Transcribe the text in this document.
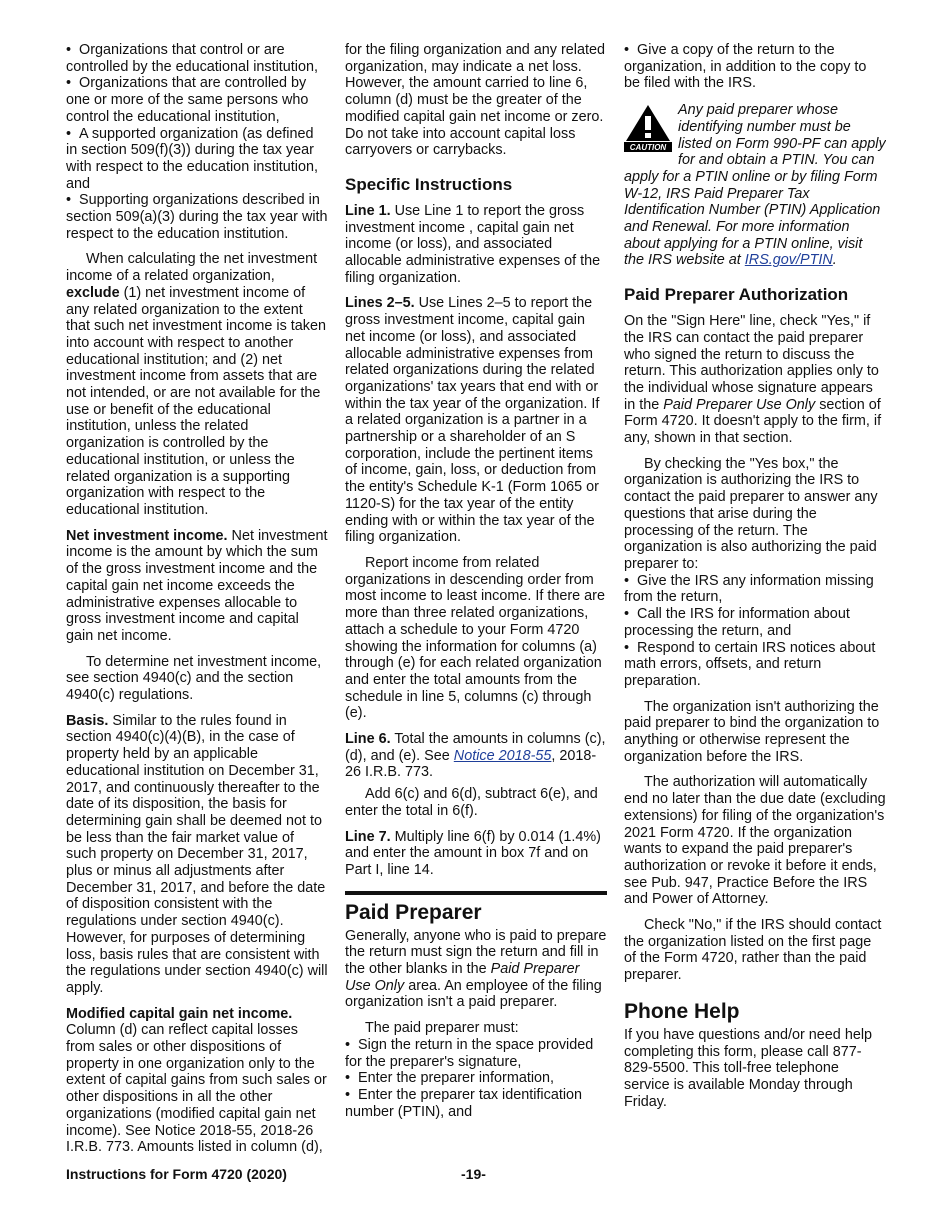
•  Organizations that control or are controlled by the educational institution,
•  Organizations that are controlled by one or more of the same persons who control the educational institution,
•  A supported organization (as defined in section 509(f)(3)) during the tax year with respect to the education institution, and
•  Supporting organizations described in section 509(a)(3) during the tax year with respect to the education institution.

When calculating the net investment income of a related organization, exclude (1) net investment income of any related organization to the extent that such net investment income is taken into account with respect to another educational institution; and (2) net investment income from assets that are not intended, or are not available for the use or benefit of the educational institution, unless the related organization is controlled by the educational institution, or unless the related organization is a supporting organization with respect to the educational institution.

Net investment income. Net investment income is the amount by which the sum of the gross investment income and the capital gain net income exceeds the administrative expenses allocable to gross investment income and capital gain net income.

To determine net investment income, see section 4940(c) and the section 4940(c) regulations.

Basis. Similar to the rules found in section 4940(c)(4)(B), in the case of property held by an applicable educational institution on December 31, 2017, and continuously thereafter to the date of its disposition, the basis for determining gain shall be deemed not to be less than the fair market value of such property on December 31, 2017, plus or minus all adjustments after December 31, 2017, and before the date of disposition consistent with the regulations under section 4940(c). However, for purposes of determining loss, basis rules that are consistent with the regulations under section 4940(c) will apply.

Modified capital gain net income. Column (d) can reflect capital losses from sales or other dispositions of property in one organization only to the extent of capital gains from such sales or other dispositions in all the other organizations (modified capital gain net income). See Notice 2018-55, 2018-26 I.R.B. 773. Amounts listed in column (d),

for the filing organization and any related organization, may indicate a net loss. However, the amount carried to line 6, column (d) must be the greater of the modified capital gain net income or zero. Do not take into account capital loss carryovers or carrybacks.

Specific Instructions

Line 1. Use Line 1 to report the gross investment income , capital gain net income (or loss), and associated allocable administrative expenses of the filing organization.

Lines 2–5. Use Lines 2–5 to report the gross investment income, capital gain net income (or loss), and associated allocable administrative expenses from related organizations during the related organizations' tax years that end with or within the tax year of the organization. If a related organization is a partner in a partnership or a shareholder of an S corporation, include the pertinent items of income, gain, loss, or deduction from the entity's Schedule K-1 (Form 1065 or 1120-S) for the tax year of the entity ending with or within the tax year of the filing organization.

Report income from related organizations in descending order from most income to least income. If there are more than three related organizations, attach a schedule to your Form 4720 showing the information for columns (a) through (e) for each related organization and enter the total amounts from the schedule in line 5, columns (c) through (e).

Line 6. Total the amounts in columns (c), (d), and (e). See Notice 2018-55, 2018-26 I.R.B. 773.

Add 6(c) and 6(d), subtract 6(e), and enter the total in 6(f).

Line 7. Multiply line 6(f) by 0.014 (1.4%) and enter the amount in box 7f and on Part I, line 14.

Paid Preparer

Generally, anyone who is paid to prepare the return must sign the return and fill in the other blanks in the Paid Preparer Use Only area. An employee of the filing organization isn't a paid preparer.

The paid preparer must:

•  Sign the return in the space provided for the preparer's signature,
•  Enter the preparer information,
•  Enter the preparer tax identification number (PTIN), and
•  Give a copy of the return to the organization, in addition to the copy to be filed with the IRS.
CAUTION
Any paid preparer whose identifying number must be listed on Form 990-PF can apply for and obtain a PTIN. You can apply for a PTIN online or by filing Form W-12, IRS Paid Preparer Tax Identification Number (PTIN) Application and Renewal. For more information about applying for a PTIN online, visit the IRS website at IRS.gov/PTIN.
Paid Preparer Authorization

On the "Sign Here" line, check "Yes," if the IRS can contact the paid preparer who signed the return to discuss the return. This authorization applies only to the individual whose signature appears in the Paid Preparer Use Only section of Form 4720. It doesn't apply to the firm, if any, shown in that section.

By checking the "Yes box," the organization is authorizing the IRS to contact the paid preparer to answer any questions that arise during the processing of the return. The organization is also authorizing the paid preparer to:

•  Give the IRS any information missing from the return,
•  Call the IRS for information about processing the return, and
•  Respond to certain IRS notices about math errors, offsets, and return preparation.

The organization isn't authorizing the paid preparer to bind the organization to anything or otherwise represent the organization before the IRS.

The authorization will automatically end no later than the due date (excluding extensions) for filing of the organization's 2021 Form 4720. If the organization wants to expand the paid preparer's authorization or revoke it before it ends, see Pub. 947, Practice Before the IRS and Power of Attorney.

Check "No," if the IRS should contact the organization listed on the first page of the Form 4720, rather than the paid preparer.

Phone Help

If you have questions and/or need help completing this form, please call 877-829-5500. This toll-free telephone service is available Monday through Friday.

Instructions for Form 4720 (2020)	-19-
